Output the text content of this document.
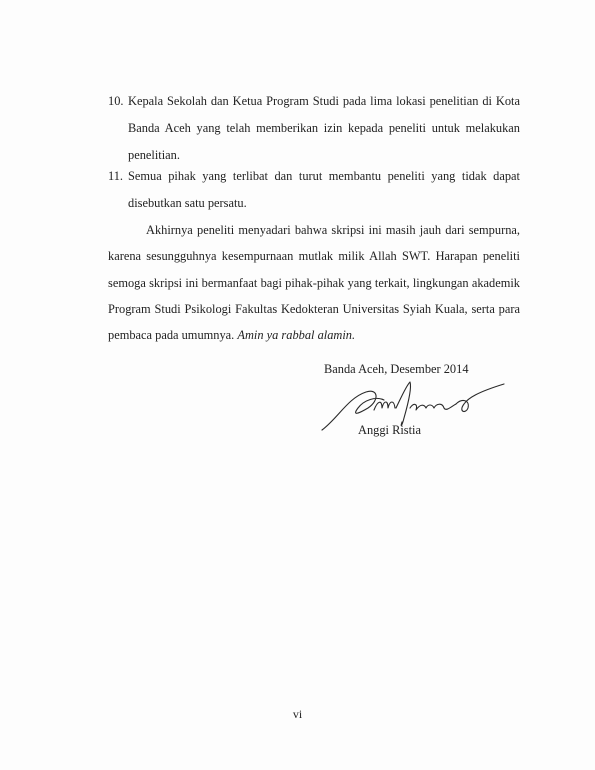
10. Kepala Sekolah dan Ketua Program Studi pada lima lokasi penelitian di Kota Banda Aceh yang telah memberikan izin kepada peneliti untuk melakukan penelitian.
11. Semua pihak yang terlibat dan turut membantu peneliti yang tidak dapat disebutkan satu persatu.

Akhirnya peneliti menyadari bahwa skripsi ini masih jauh dari sempurna, karena sesungguhnya kesempurnaan mutlak milik Allah SWT. Harapan peneliti semoga skripsi ini bermanfaat bagi pihak-pihak yang terkait, lingkungan akademik Program Studi Psikologi Fakultas Kedokteran Universitas Syiah Kuala, serta para pembaca pada umumnya. Amin ya rabbal alamin.

Banda Aceh, Desember 2014
Anggi Ristia
vi
